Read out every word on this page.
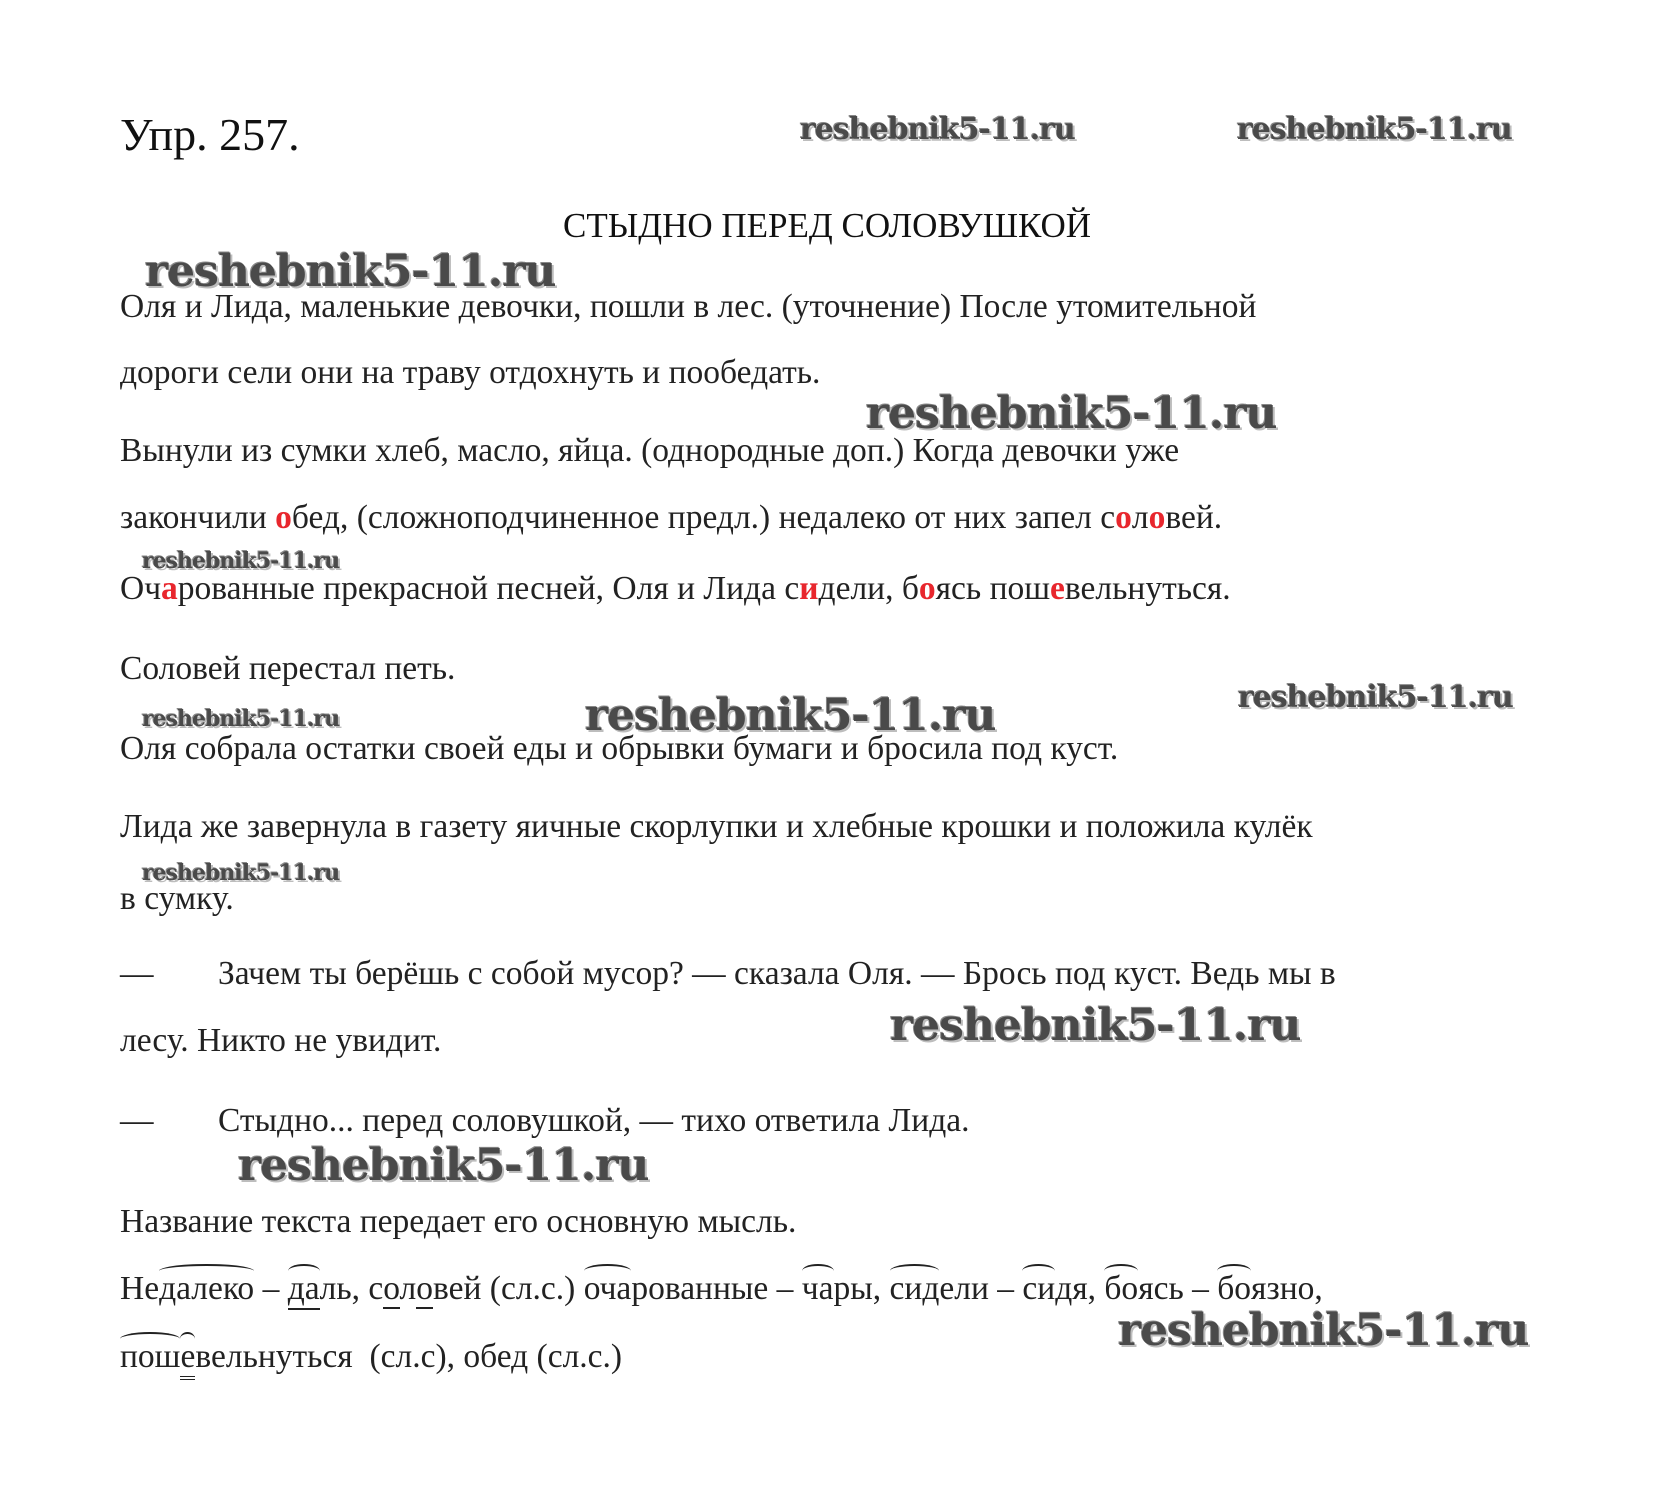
Упр. 257.	reshebnik5-11.ru	reshebnik5-11.ru
СТЫДНО ПЕРЕД СОЛОВУШКОЙ
reshebnik5-11.ru
Оля и Лида, маленькие девочки, пошли в лес. (уточнение) После утомительной
дороги сели они на траву отдохнуть и пообедать.
reshebnik5-11.ru
Вынули из сумки хлеб, масло, яйца. (однородные доп.) Когда девочки уже
закончили обед, (сложноподчиненное предл.) недалеко от них запел соловей.
reshebnik5-11.ru
Очарованные прекрасной песней, Оля и Лида сидели, боясь пошевельнуться.
Соловей перестал петь.
reshebnik5-11.ru	reshebnik5-11.ru	reshebnik5-11.ru
Оля собрала остатки своей еды и обрывки бумаги и бросила под куст.
Лида же завернула в газету яичные скорлупки и хлебные крошки и положила кулёк
reshebnik5-11.ru
в сумку.
— Зачем ты берёшь с собой мусор? — сказала Оля. — Брось под куст. Ведь мы в
reshebnik5-11.ru
лесу. Никто не увидит.
— Стыдно... перед соловушкой, — тихо ответила Лида.
reshebnik5-11.ru
Название текста передает его основную мысль.
Недалеко – даль, соловей (сл.с.) очарованные – чары, сидели – сидя, боясь – боязно,
reshebnik5-11.ru
пошевельнуться  (сл.с), обед (сл.с.)
